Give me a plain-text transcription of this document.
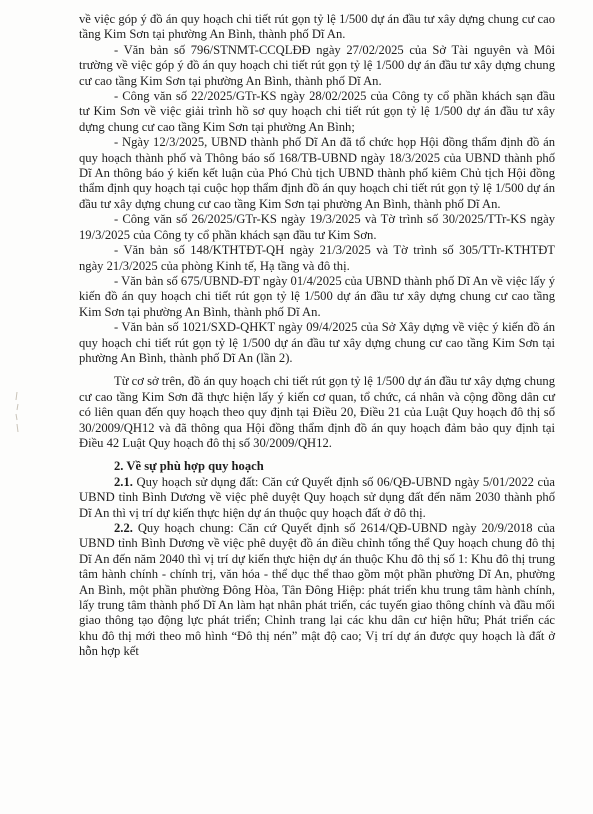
về việc góp ý đồ án quy hoạch chi tiết rút gọn tỷ lệ 1/500 dự án đầu tư xây dựng chung cư cao tầng Kim Sơn tại phường An Bình, thành phố Dĩ An.

- Văn bản số 796/STNMT-CCQLĐĐ ngày 27/02/2025 của Sở Tài nguyên và Môi trường về việc góp ý đồ án quy hoạch chi tiết rút gọn tỷ lệ 1/500 dự án đầu tư xây dựng chung cư cao tầng Kim Sơn tại phường An Bình, thành phố Dĩ An.

- Công văn số 22/2025/GTr-KS ngày 28/02/2025 của Công ty cổ phần khách sạn đầu tư Kim Sơn về việc giải trình hồ sơ quy hoạch chi tiết rút gọn tỷ lệ 1/500 dự án đầu tư xây dựng chung cư cao tầng Kim Sơn tại phường An Bình;

- Ngày 12/3/2025, UBND thành phố Dĩ An đã tổ chức họp Hội đồng thẩm định đồ án quy hoạch thành phố và Thông báo số 168/TB-UBND ngày 18/3/2025 của UBND thành phố Dĩ An thông báo ý kiến kết luận của Phó Chủ tịch UBND thành phố kiêm Chủ tịch Hội đồng thẩm định quy hoạch tại cuộc họp thẩm định đồ án quy hoạch chi tiết rút gọn tỷ lệ 1/500 dự án đầu tư xây dựng chung cư cao tầng Kim Sơn tại phường An Bình, thành phố Dĩ An.

- Công văn số 26/2025/GTr-KS ngày 19/3/2025 và Tờ trình số 30/2025/TTr-KS ngày 19/3/2025 của Công ty cổ phần khách sạn đầu tư Kim Sơn.

- Văn bản số 148/KTHTĐT-QH ngày 21/3/2025 và Tờ trình số 305/TTr-KTHTĐT ngày 21/3/2025 của phòng Kinh tế, Hạ tầng và đô thị.

- Văn bản số 675/UBND-ĐT ngày 01/4/2025 của UBND thành phố Dĩ An về việc lấy ý kiến đồ án quy hoạch chi tiết rút gọn tỷ lệ 1/500 dự án đầu tư xây dựng chung cư cao tầng Kim Sơn tại phường An Bình, thành phố Dĩ An.

- Văn bản số 1021/SXD-QHKT ngày 09/4/2025 của Sở Xây dựng về việc ý kiến đồ án quy hoạch chi tiết rút gọn tỷ lệ 1/500 dự án đầu tư xây dựng chung cư cao tầng Kim Sơn tại phường An Bình, thành phố Dĩ An (lần 2).

Từ cơ sở trên, đồ án quy hoạch chi tiết rút gọn tỷ lệ 1/500 dự án đầu tư xây dựng chung cư cao tầng Kim Sơn đã thực hiện lấy ý kiến cơ quan, tổ chức, cá nhân và cộng đồng dân cư có liên quan đến quy hoạch theo quy định tại Điều 20, Điều 21 của Luật Quy hoạch đô thị số 30/2009/QH12 và đã thông qua Hội đồng thẩm định đồ án quy hoạch đảm bảo quy định tại Điều 42 Luật Quy hoạch đô thị số 30/2009/QH12.

2. Về sự phù hợp quy hoạch

2.1. Quy hoạch sử dụng đất: Căn cứ Quyết định số 06/QĐ-UBND ngày 5/01/2022 của UBND tỉnh Bình Dương về việc phê duyệt Quy hoạch sử dụng đất đến năm 2030 thành phố Dĩ An thì vị trí dự kiến thực hiện dự án thuộc quy hoạch đất ở đô thị.

2.2. Quy hoạch chung: Căn cứ Quyết định số 2614/QĐ-UBND ngày 20/9/2018 của UBND tỉnh Bình Dương về việc phê duyệt đồ án điều chỉnh tổng thể Quy hoạch chung đô thị Dĩ An đến năm 2040 thì vị trí dự kiến thực hiện dự án thuộc Khu đô thị số 1: Khu đô thị trung tâm hành chính - chính trị, văn hóa - thể dục thể thao gồm một phần phường Dĩ An, phường An Bình, một phần phường Đông Hòa, Tân Đông Hiệp: phát triển khu trung tâm hành chính, lấy trung tâm thành phố Dĩ An làm hạt nhân phát triển, các tuyến giao thông chính và đầu mối giao thông tạo động lực phát triển; Chỉnh trang lại các khu dân cư hiện hữu; Phát triển các khu đô thị mới theo mô hình “Đô thị nén” mật độ cao; Vị trí dự án được quy hoạch là đất ở hỗn hợp kết
